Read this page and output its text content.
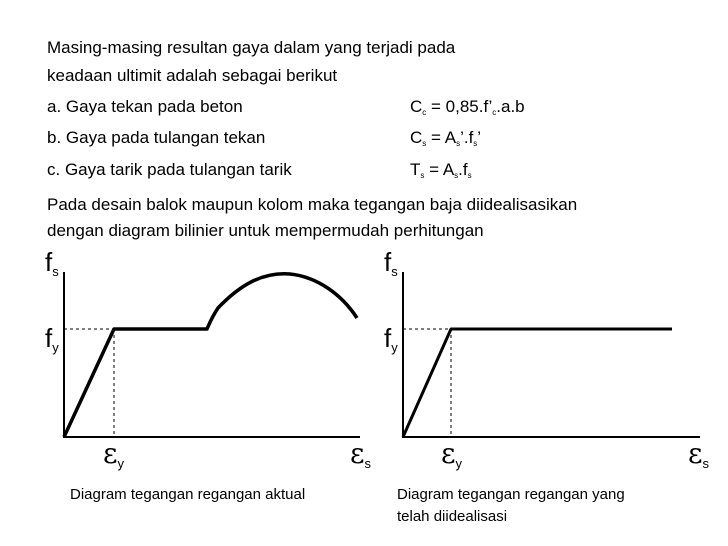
Masing-masing resultan gaya dalam yang terjadi pada
keadaan ultimit adalah sebagai berikut
a. Gaya tekan pada beton	$C_c$ = $0,85.f’_c.a.b$
b. Gaya pada tulangan tekan	$C_s$ = $A_s’.f_s$’
c. Gaya tarik pada tulangan tarik	$T_s = A_s.f_s$
Pada desain balok maupun kolom maka tegangan baja diidealisasikan
dengan diagram bilinier untuk mempermudah perhitungan
fs
fy
εy	εs
fs
fy
εy	εs
Diagram tegangan regangan aktual	Diagram tegangan regangan yang
telah diidealisasi
